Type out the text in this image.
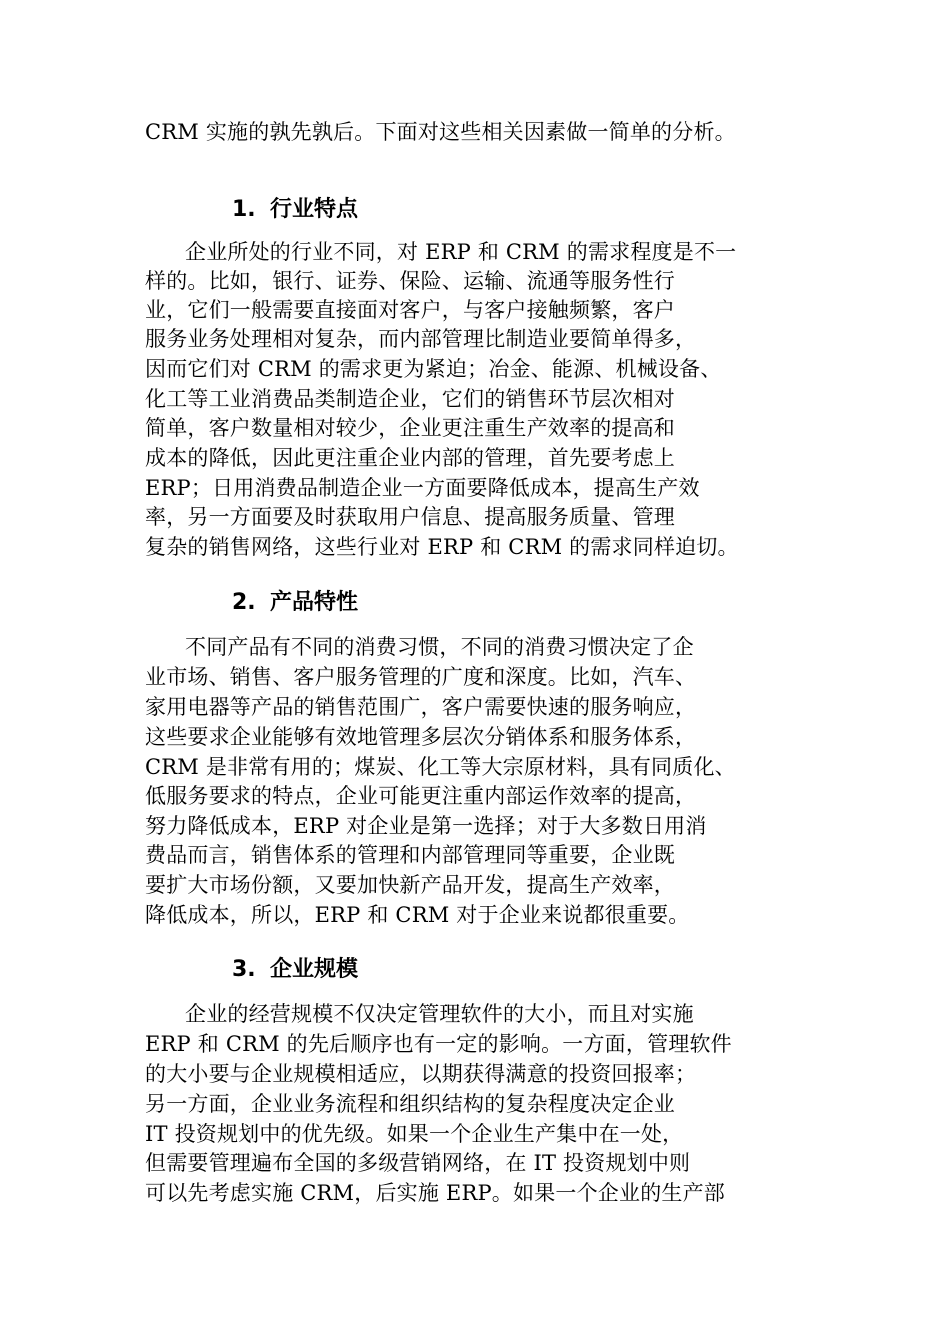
CRM 实施的孰先孰后。下面对这些相关因素做一简单的分析。
1. 行业特点
企业所处的行业不同，对 ERP 和 CRM 的需求程度是不一
样的。比如，银行、证券、保险、运输、流通等服务性行
业，它们一般需要直接面对客户，与客户接触频繁，客户
服务业务处理相对复杂，而内部管理比制造业要简单得多，
因而它们对 CRM 的需求更为紧迫；冶金、能源、机械设备、
化工等工业消费品类制造企业，它们的销售环节层次相对
简单，客户数量相对较少，企业更注重生产效率的提高和
成本的降低，因此更注重企业内部的管理，首先要考虑上
ERP；日用消费品制造企业一方面要降低成本，提高生产效
率，另一方面要及时获取用户信息、提高服务质量、管理
复杂的销售网络，这些行业对 ERP 和 CRM 的需求同样迫切。
2. 产品特性
不同产品有不同的消费习惯，不同的消费习惯决定了企
业市场、销售、客户服务管理的广度和深度。比如，汽车、
家用电器等产品的销售范围广，客户需要快速的服务响应，
这些要求企业能够有效地管理多层次分销体系和服务体系，
CRM 是非常有用的；煤炭、化工等大宗原材料，具有同质化、
低服务要求的特点，企业可能更注重内部运作效率的提高，
努力降低成本，ERP 对企业是第一选择；对于大多数日用消
费品而言，销售体系的管理和内部管理同等重要，企业既
要扩大市场份额，又要加快新产品开发，提高生产效率，
降低成本，所以，ERP 和 CRM 对于企业来说都很重要。
3. 企业规模
企业的经营规模不仅决定管理软件的大小，而且对实施
ERP 和 CRM 的先后顺序也有一定的影响。一方面，管理软件
的大小要与企业规模相适应，以期获得满意的投资回报率；
另一方面，企业业务流程和组织结构的复杂程度决定企业
IT 投资规划中的优先级。如果一个企业生产集中在一处，
但需要管理遍布全国的多级营销网络，在 IT 投资规划中则
可以先考虑实施 CRM，后实施 ERP。如果一个企业的生产部
